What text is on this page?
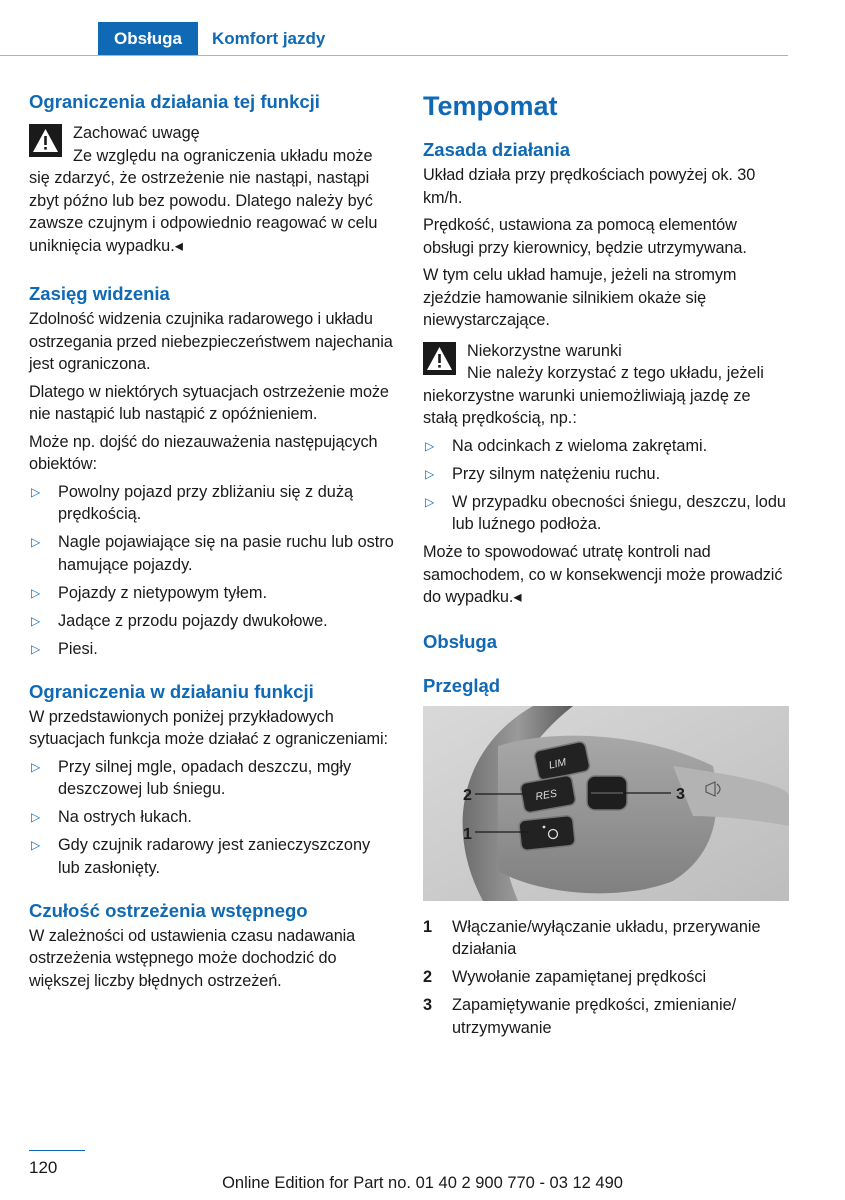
Obsługa	Komfort jazdy
Ograniczenia działania tej funkcji
Zachować uwagę
Ze względu na ograniczenia układu może się zdarzyć, że ostrzeżenie nie nastąpi, nastąpi zbyt późno lub bez powodu. Dlatego należy być zawsze czujnym i odpowiednio reagować w celu uniknięcia wypadku.◂
Zasięg widzenia

Zdolność widzenia czujnika radarowego i układu ostrzegania przed niebezpieczeństwem najechania jest ograniczona.

Dlatego w niektórych sytuacjach ostrzeżenie może nie nastąpić lub nastąpić z opóźnieniem.

Może np. dojść do niezauważenia następujących obiektów:

▷ Powolny pojazd przy zbliżaniu się z dużą prędkością.
▷ Nagle pojawiające się na pasie ruchu lub ostro hamujące pojazdy.
▷ Pojazdy z nietypowym tyłem.
▷ Jadące z przodu pojazdy dwukołowe.
▷ Piesi.
Ograniczenia w działaniu funkcji

W przedstawionych poniżej przykładowych sytuacjach funkcja może działać z ograniczeniami:

▷ Przy silnej mgle, opadach deszczu, mgły deszczowej lub śniegu.
▷ Na ostrych łukach.
▷ Gdy czujnik radarowy jest zanieczyszczony lub zasłonięty.
Czułość ostrzeżenia wstępnego

W zależności od ustawienia czasu nadawania ostrzeżenia wstępnego może dochodzić do większej liczby błędnych ostrzeżeń.

Tempomat
Zasada działania

Układ działa przy prędkościach powyżej ok. 30 km/h.

Prędkość, ustawiona za pomocą elementów obsługi przy kierownicy, będzie utrzymywana.

W tym celu układ hamuje, jeżeli na stromym zjeździe hamowanie silnikiem okaże się niewystarczające.

Niekorzystne warunki
Nie należy korzystać z tego układu, jeżeli niekorzystne warunki uniemożliwiają jazdę ze stałą prędkością, np.:
▷ Na odcinkach z wieloma zakrętami.
▷ Przy silnym natężeniu ruchu.
▷ W przypadku obecności śniegu, deszczu, lodu lub luźnego podłoża.

Może to spowodować utratę kontroli nad samochodem, co w konsekwencji może prowadzić do wypadku.◂

Obsługa
Przegląd
LIM
RES
2
1
3
1 Włączanie/wyłączanie układu, przerywanie działania
2 Wywołanie zapamiętanej prędkości
3 Zapamiętywanie prędkości, zmienianie/ utrzymywanie
120
Online Edition for Part no. 01 40 2 900 770 - 03 12 490
